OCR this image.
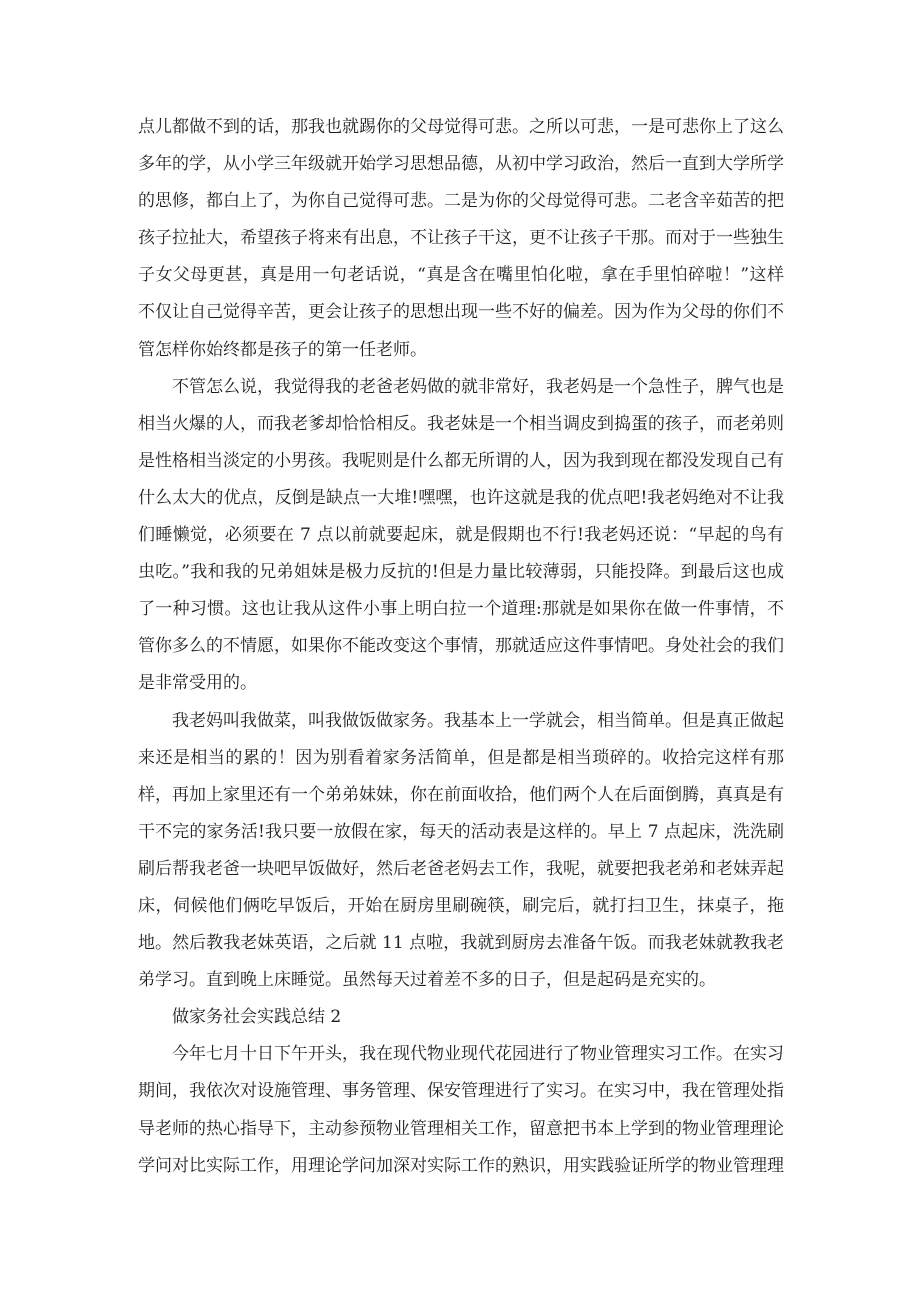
点儿都做不到的话，那我也就踢你的父母觉得可悲。之所以可悲，一是可悲你上了这么多年的学，从小学三年级就开始学习思想品德，从初中学习政治，然后一直到大学所学的思修，都白上了，为你自己觉得可悲。二是为你的父母觉得可悲。二老含辛茹苦的把孩子拉扯大，希望孩子将来有出息，不让孩子干这，更不让孩子干那。而对于一些独生子女父母更甚，真是用一句老话说，“真是含在嘴里怕化啦，拿在手里怕碎啦！”这样不仅让自己觉得辛苦，更会让孩子的思想出现一些不好的偏差。因为作为父母的你们不管怎样你始终都是孩子的第一任老师。

不管怎么说，我觉得我的老爸老妈做的就非常好，我老妈是一个急性子，脾气也是相当火爆的人，而我老爹却恰恰相反。我老妹是一个相当调皮到捣蛋的孩子，而老弟则是性格相当淡定的小男孩。我呢则是什么都无所谓的人，因为我到现在都没发现自己有什么太大的优点，反倒是缺点一大堆!嘿嘿，也许这就是我的优点吧!我老妈绝对不让我们睡懒觉，必须要在 7 点以前就要起床，就是假期也不行!我老妈还说：“早起的鸟有虫吃。”我和我的兄弟姐妹是极力反抗的!但是力量比较薄弱，只能投降。到最后这也成了一种习惯。这也让我从这件小事上明白拉一个道理:那就是如果你在做一件事情，不管你多么的不情愿，如果你不能改变这个事情，那就适应这件事情吧。身处社会的我们是非常受用的。

我老妈叫我做菜，叫我做饭做家务。我基本上一学就会，相当简单。但是真正做起来还是相当的累的！因为别看着家务活简单，但是都是相当琐碎的。收拾完这样有那样，再加上家里还有一个弟弟妹妹，你在前面收拾，他们两个人在后面倒腾，真真是有干不完的家务活!我只要一放假在家，每天的活动表是这样的。早上 7 点起床，洗洗刷刷后帮我老爸一块吧早饭做好，然后老爸老妈去工作，我呢，就要把我老弟和老妹弄起床，伺候他们俩吃早饭后，开始在厨房里刷碗筷，刷完后，就打扫卫生，抹桌子，拖地。然后教我老妹英语，之后就 11 点啦，我就到厨房去准备午饭。而我老妹就教我老弟学习。直到晚上床睡觉。虽然每天过着差不多的日子，但是起码是充实的。

做家务社会实践总结 2

今年七月十日下午开头，我在现代物业现代花园进行了物业管理实习工作。在实习期间，我依次对设施管理、事务管理、保安管理进行了实习。在实习中，我在管理处指导老师的热心指导下，主动参预物业管理相关工作，留意把书本上学到的物业管理理论学问对比实际工作，用理论学问加深对实际工作的熟识，用实践验证所学的物业管理理
